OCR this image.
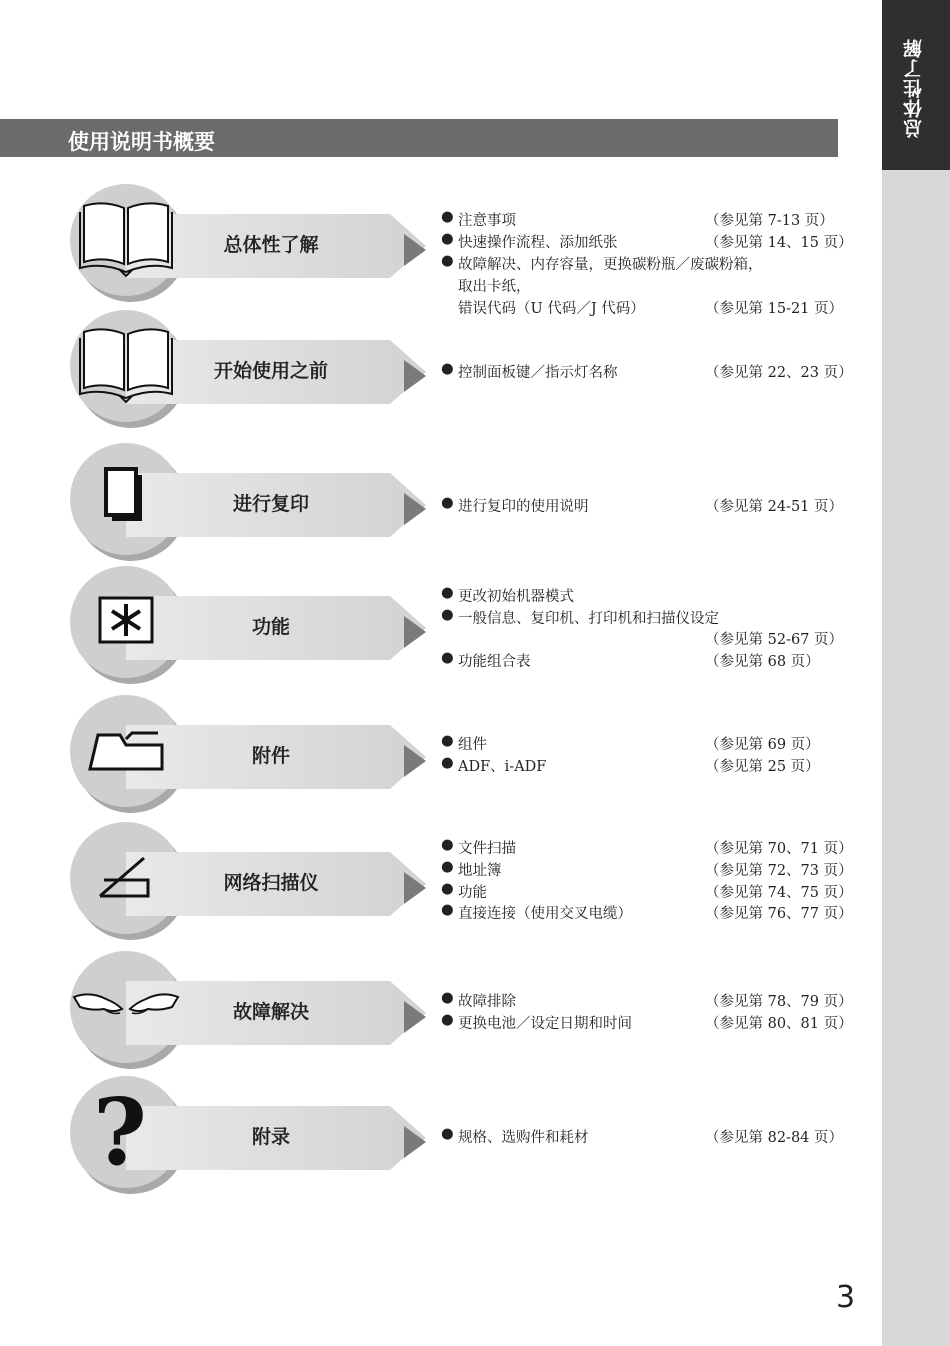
总体性了解
使用说明书概要
总体性了解
● 注意事项	（参见第 7-13 页）
● 快速操作流程、添加纸张	（参见第 14、15 页）
● 故障解决、内存容量，更换碳粉瓶／废碳粉箱，
取出卡纸，
错误代码（U 代码／J 代码）	（参见第 15-21 页）
开始使用之前	● 控制面板键／指示灯名称	（参见第 22、23 页）
进行复印	● 进行复印的使用说明	（参见第 24-51 页）
功能
● 更改初始机器模式
● 一般信息、复印机、打印机和扫描仪设定
（参见第 52-67 页）
● 功能组合表	（参见第 68 页）
附件
● 组件	（参见第 69 页）
● ADF、i-ADF	（参见第 25 页）
网络扫描仪
● 文件扫描	（参见第 70、71 页）
● 地址簿	（参见第 72、73 页）
● 功能	（参见第 74、75 页）
● 直接连接（使用交叉电缆）	（参见第 76、77 页）
故障解决
● 故障排除	（参见第 78、79 页）
● 更换电池／设定日期和时间	（参见第 80、81 页）
?	附录	● 规格、选购件和耗材	（参见第 82-84 页）
3
